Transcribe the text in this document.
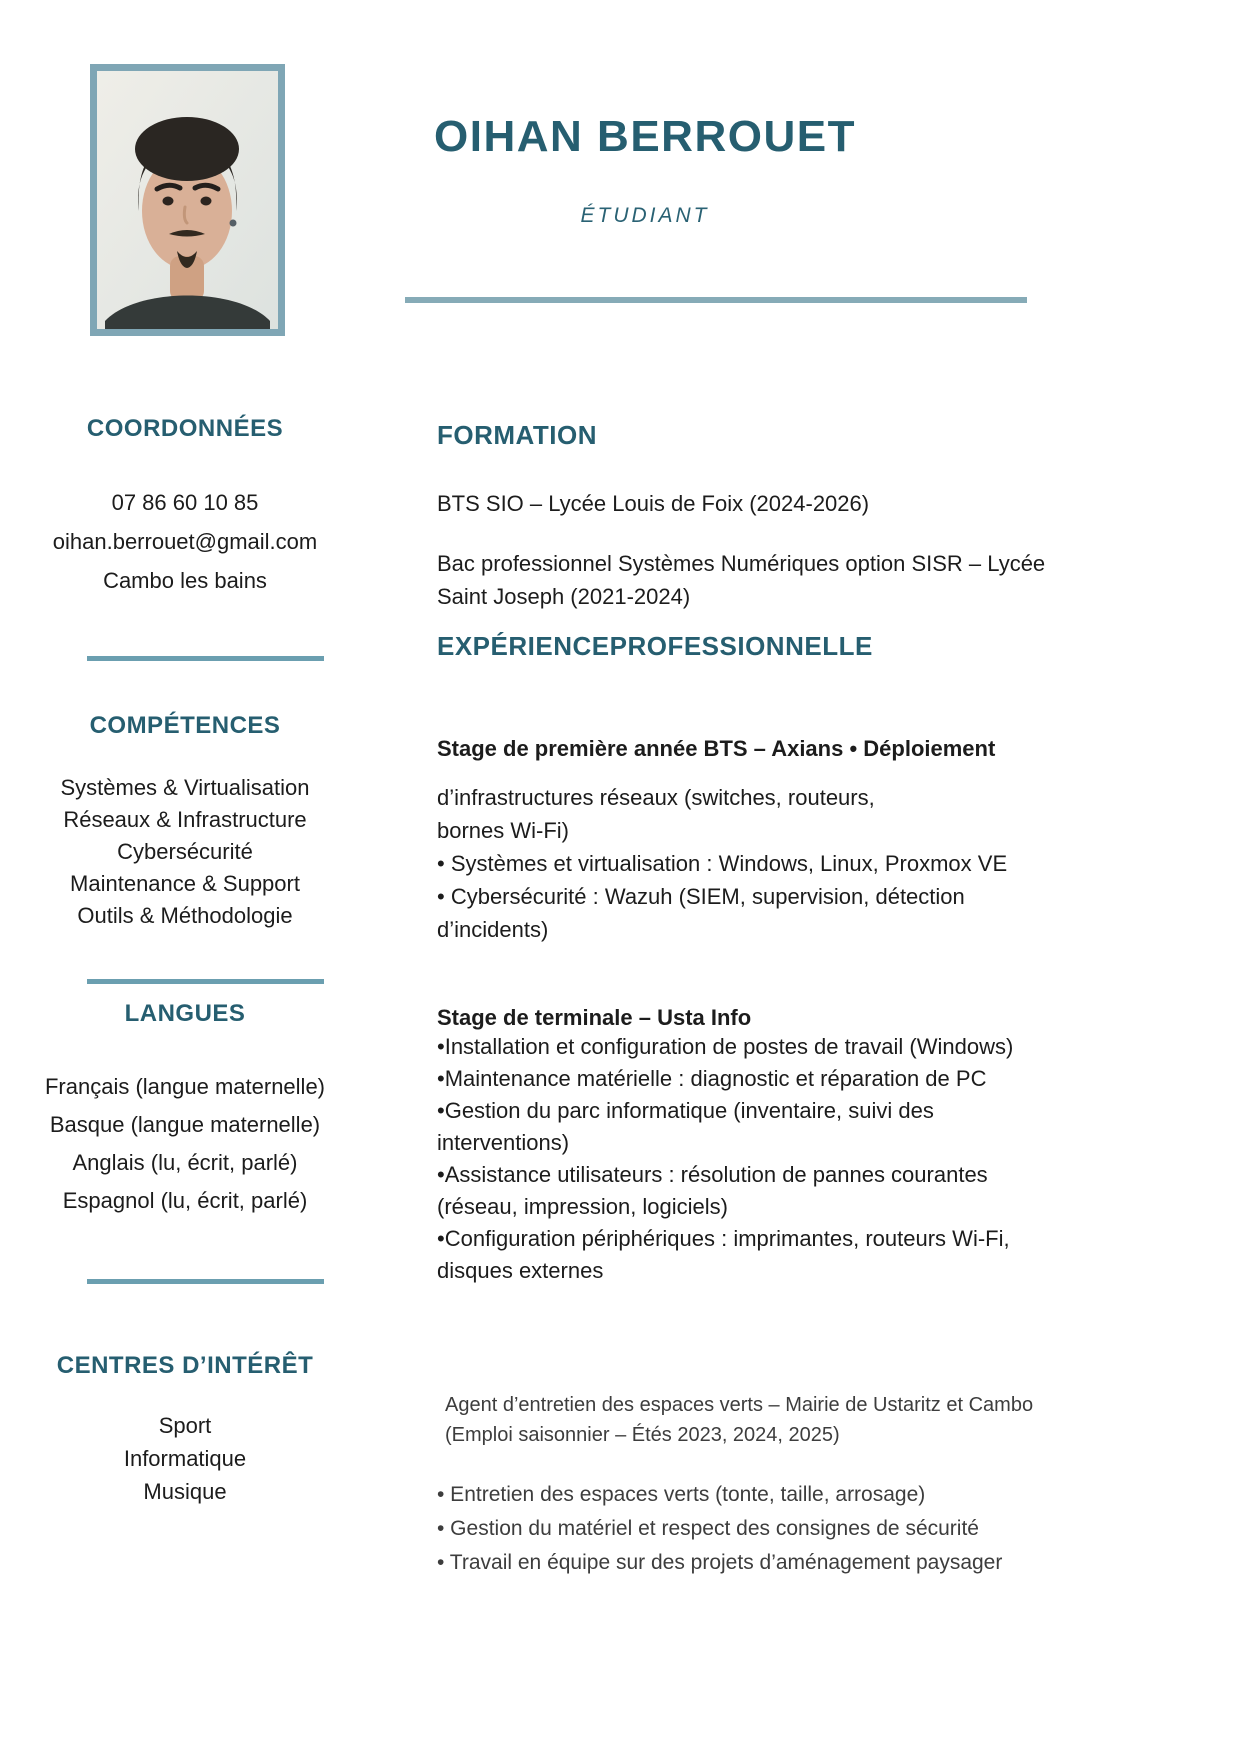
OIHAN BERROUET
ÉTUDIANT
COORDONNÉES
07 86 60 10 85
oihan.berrouet@gmail.com
Cambo les bains
COMPÉTENCES
Systèmes & Virtualisation
Réseaux & Infrastructure
Cybersécurité
Maintenance & Support
Outils & Méthodologie
LANGUES
Français (langue maternelle)
Basque (langue maternelle)
Anglais (lu, écrit, parlé)
Espagnol (lu, écrit, parlé)
CENTRES D’INTÉRÊT
Sport
Informatique
Musique
FORMATION
BTS SIO – Lycée Louis de Foix (2024-2026)
Bac professionnel Systèmes Numériques option SISR – Lycée
Saint Joseph (2021-2024)
EXPÉRIENCEPROFESSIONNELLE
Stage de première année BTS – Axians • Déploiement
d’infrastructures réseaux (switches, routeurs,
bornes Wi-Fi)
• Systèmes et virtualisation : Windows, Linux, Proxmox VE
• Cybersécurité : Wazuh (SIEM, supervision, détection
d’incidents)
Stage de terminale – Usta Info
•Installation et configuration de postes de travail (Windows)
•Maintenance matérielle : diagnostic et réparation de PC
•Gestion du parc informatique (inventaire, suivi des
interventions)
•Assistance utilisateurs : résolution de pannes courantes
(réseau, impression, logiciels)
•Configuration périphériques : imprimantes, routeurs Wi-Fi,
disques externes
Agent d’entretien des espaces verts – Mairie de Ustaritz et Cambo
(Emploi saisonnier – Étés 2023, 2024, 2025)
• Entretien des espaces verts (tonte, taille, arrosage)
• Gestion du matériel et respect des consignes de sécurité
• Travail en équipe sur des projets d’aménagement paysager
